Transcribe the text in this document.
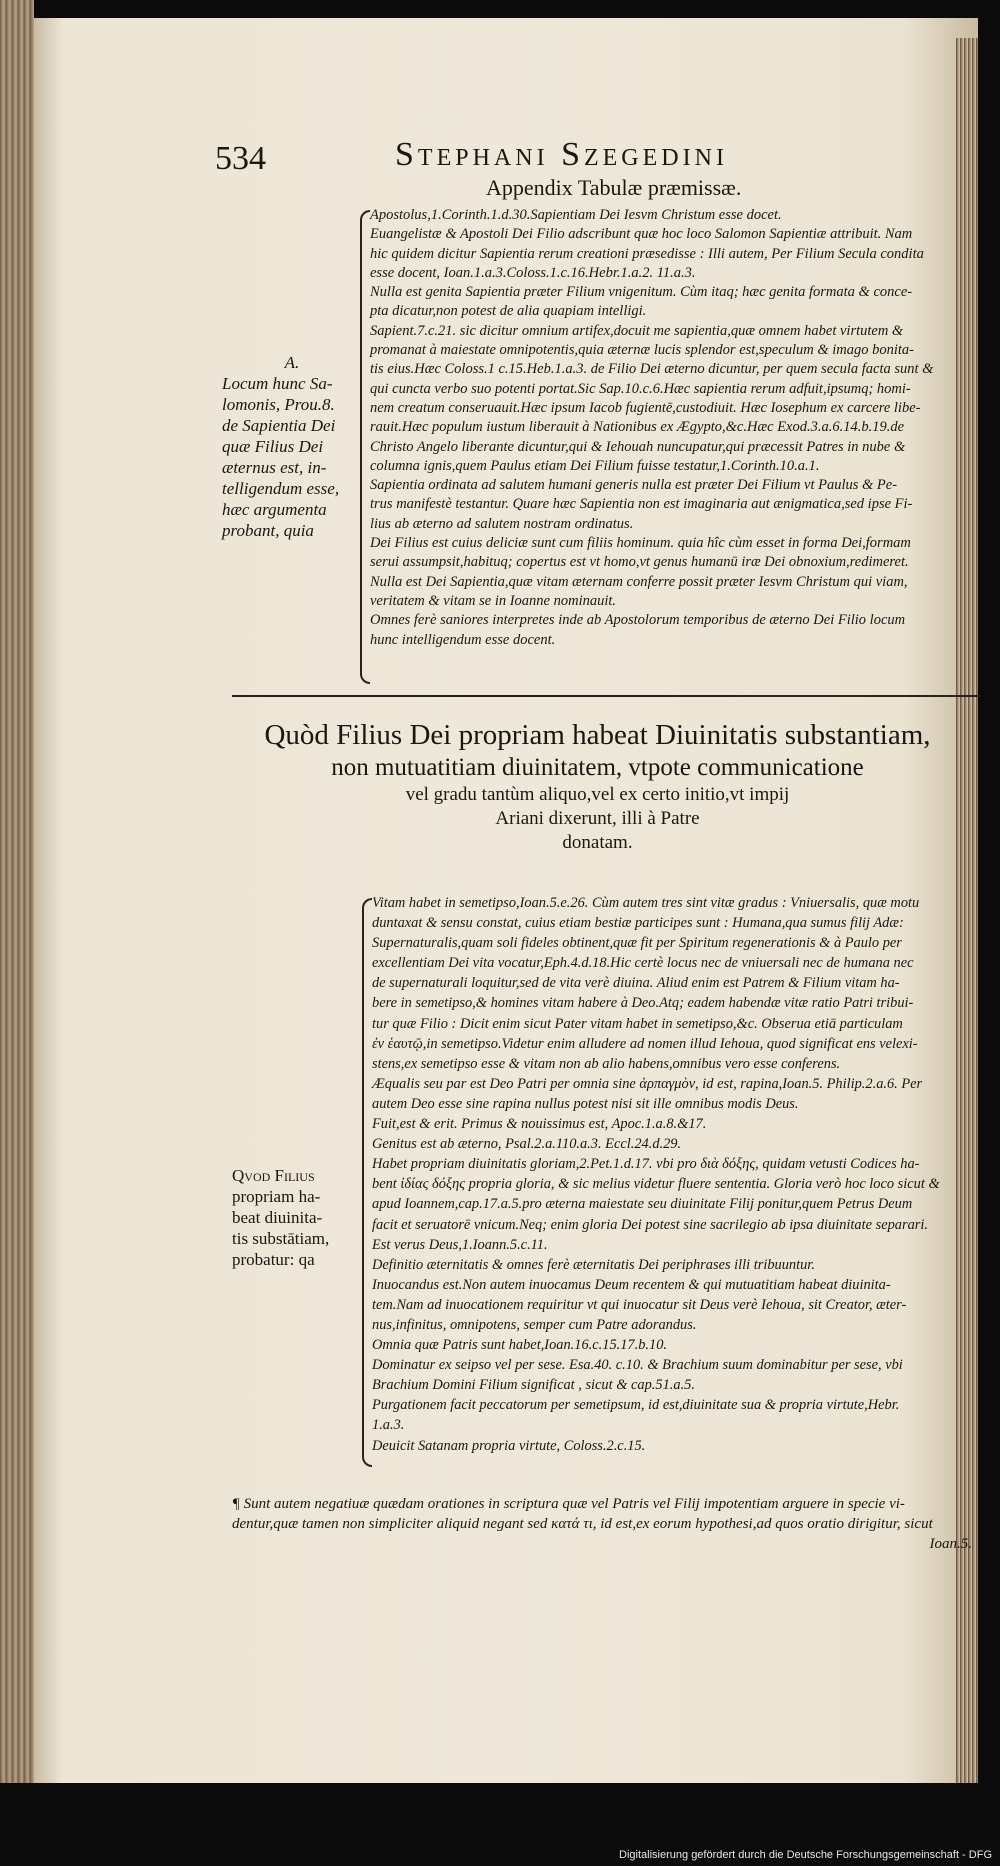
534	Stephani Szegedini
Appendix Tabulæ præmissæ.
A.
Locum hunc Sa-
lomonis, Prou.8.
de Sapientia Dei
quæ Filius Dei
æternus est, in-
telligendum esse,
hæc argumenta
probant, quia

Apostolus,1.Corinth.1.d.30.Sapientiam Dei Iesvm Christum esse docet.

Euangelistæ & Apostoli Dei Filio adscribunt quæ hoc loco Salomon Sapientiæ attribuit. Nam

hic quidem dicitur Sapientia rerum creationi præsedisse : Illi autem, Per Filium Secula condita

esse docent, Ioan.1.a.3.Coloss.1.c.16.Hebr.1.a.2. 11.a.3.

Nulla est genita Sapientia præter Filium vnigenitum. Cùm itaq; hæc genita formata & conce-

pta dicatur,non potest de alia quapiam intelligi.

Sapient.7.c.21. sic dicitur omnium artifex,docuit me sapientia,quæ omnem habet virtutem &

promanat à maiestate omnipotentis,quia æternæ lucis splendor est,speculum & imago bonita-

tis eius.Hæc Coloss.1 c.15.Heb.1.a.3. de Filio Dei æterno dicuntur, per quem secula facta sunt &

qui cuncta verbo suo potenti portat.Sic Sap.10.c.6.Hæc sapientia rerum adfuit,ipsumq; homi-

nem creatum conseruauit.Hæc ipsum Iacob fugientē,custodiuit. Hæc Iosephum ex carcere libe-

rauit.Hæc populum iustum liberauit à Nationibus ex Ægypto,&c.Hæc Exod.3.a.6.14.b.19.de

Christo Angelo liberante dicuntur,qui & Iehouah nuncupatur,qui præcessit Patres in nube &

columna ignis,quem Paulus etiam Dei Filium fuisse testatur,1.Corinth.10.a.1.

Sapientia ordinata ad salutem humani generis nulla est præter Dei Filium vt Paulus & Pe-

trus manifestè testantur. Quare hæc Sapientia non est imaginaria aut ænigmatica,sed ipse Fi-

lius ab æterno ad salutem nostram ordinatus.

Dei Filius est cuius deliciæ sunt cum filiis hominum. quia hîc cùm esset in forma Dei,formam

serui assumpsit,habituq; copertus est vt homo,vt genus humanū iræ Dei obnoxium,redimeret.

Nulla est Dei Sapientia,quæ vitam æternam conferre possit præter Iesvm Christum qui viam,

veritatem & vitam se in Ioanne nominauit.

Omnes ferè saniores interpretes inde ab Apostolorum temporibus de æterno Dei Filio locum

hunc intelligendum esse docent.

Quòd Filius Dei propriam habeat Diuinitatis substantiam,
non mutuatitiam diuinitatem, vtpote communicatione
vel gradu tantùm aliquo,vel ex certo initio,vt impij
Ariani dixerunt, illi à Patre
donatam.
Qvod Filius
propriam ha-
beat diuinita-
tis substātiam,
probatur: qa

Vitam habet in semetipso,Ioan.5.e.26. Cùm autem tres sint vitæ gradus : Vniuersalis, quæ motu

duntaxat & sensu constat, cuius etiam bestiæ participes sunt : Humana,qua sumus filij Adæ:

Supernaturalis,quam soli fideles obtinent,quæ fit per Spiritum regenerationis & à Paulo per

excellentiam Dei vita vocatur,Eph.4.d.18.Hic certè locus nec de vniuersali nec de humana nec

de supernaturali loquitur,sed de vita verè diuina. Aliud enim est Patrem & Filium vitam ha-

bere in semetipso,& homines vitam habere à Deo.Atq; eadem habendæ vitæ ratio Patri tribui-

tur quæ Filio : Dicit enim sicut Pater vitam habet in semetipso,&c. Obserua etiā particulam

ἐν ἑαυτῷ,in semetipso.Videtur enim alludere ad nomen illud Iehoua, quod significat ens velexi-

stens,ex semetipso esse & vitam non ab alio habens,omnibus vero esse conferens.

Æqualis seu par est Deo Patri per omnia sine ἁρπαγμὸν, id est, rapina,Ioan.5. Philip.2.a.6. Per

autem Deo esse sine rapina nullus potest nisi sit ille omnibus modis Deus.

Fuit,est & erit. Primus & nouissimus est, Apoc.1.a.8.&17.

Genitus est ab æterno, Psal.2.a.110.a.3. Eccl.24.d.29.

Habet propriam diuinitatis gloriam,2.Pet.1.d.17. vbi pro διὰ δόξης, quidam vetusti Codices ha-

bent ἰδίας δόξης propria gloria, & sic melius videtur fluere sententia. Gloria verò hoc loco sicut &

apud Ioannem,cap.17.a.5.pro æterna maiestate seu diuinitate Filij ponitur,quem Petrus Deum

facit et seruatorē vnicum.Neq; enim gloria Dei potest sine sacrilegio ab ipsa diuinitate separari.

Est verus Deus,1.Ioann.5.c.11.

Definitio æternitatis & omnes ferè æternitatis Dei periphrases illi tribuuntur.

Inuocandus est.Non autem inuocamus Deum recentem & qui mutuatitiam habeat diuinita-

tem.Nam ad inuocationem requiritur vt qui inuocatur sit Deus verè Iehoua, sit Creator, æter-

nus,infinitus, omnipotens, semper cum Patre adorandus.

Omnia quæ Patris sunt habet,Ioan.16.c.15.17.b.10.

Dominatur ex seipso vel per sese. Esa.40. c.10. & Brachium suum dominabitur per sese, vbi

Brachium Domini Filium significat , sicut & cap.51.a.5.

Purgationem facit peccatorum per semetipsum, id est,diuinitate sua & propria virtute,Hebr.

1.a.3.

Deuicit Satanam propria virtute, Coloss.2.c.15.

¶ Sunt autem negatiuæ quædam orationes in scriptura quæ vel Patris vel Filij impotentiam arguere in specie vi-
dentur,quæ tamen non simpliciter aliquid negant sed κατά τι, id est,ex eorum hypothesi,ad quos oratio dirigitur, sicut
Ioan.5.
Digitalisierung gefördert durch die Deutsche Forschungsgemeinschaft - DFG
